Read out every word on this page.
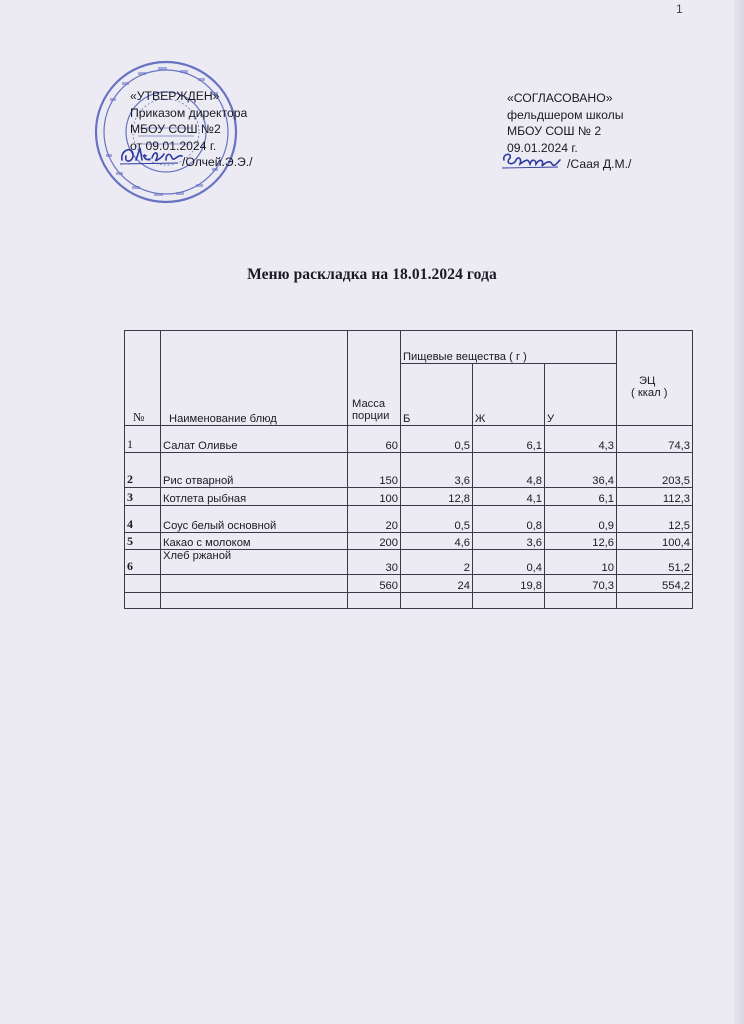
1
«УТВЕРЖДЕН»
Приказом директора
МБОУ СОШ №2
от 09.01.2024 г.
/Олчей.Э.Э./
«СОГЛАСОВАНО»
фельдшером школы
МБОУ СОШ № 2
09.01.2024 г.
/Саая Д.М./
Меню раскладка на 18.01.2024 года
№	Наименование блюд	Масса порции	Пищевые вещества ( г )			ЭЦ
( ккал )

			Б	Ж	У	
1	Салат Оливье	60	0,5	6,1	4,3	74,3
2	Рис отварной	150	3,6	4,8	36,4	203,5
3	Котлета рыбная	100	12,8	4,1	6,1	112,3
4	Соус белый основной	20	0,5	0,8	0,9	12,5
5	Какао с молоком	200	4,6	3,6	12,6	100,4
6	Хлеб ржаной	30	2	0,4	10	51,2
		560	24	19,8	70,3	554,2
